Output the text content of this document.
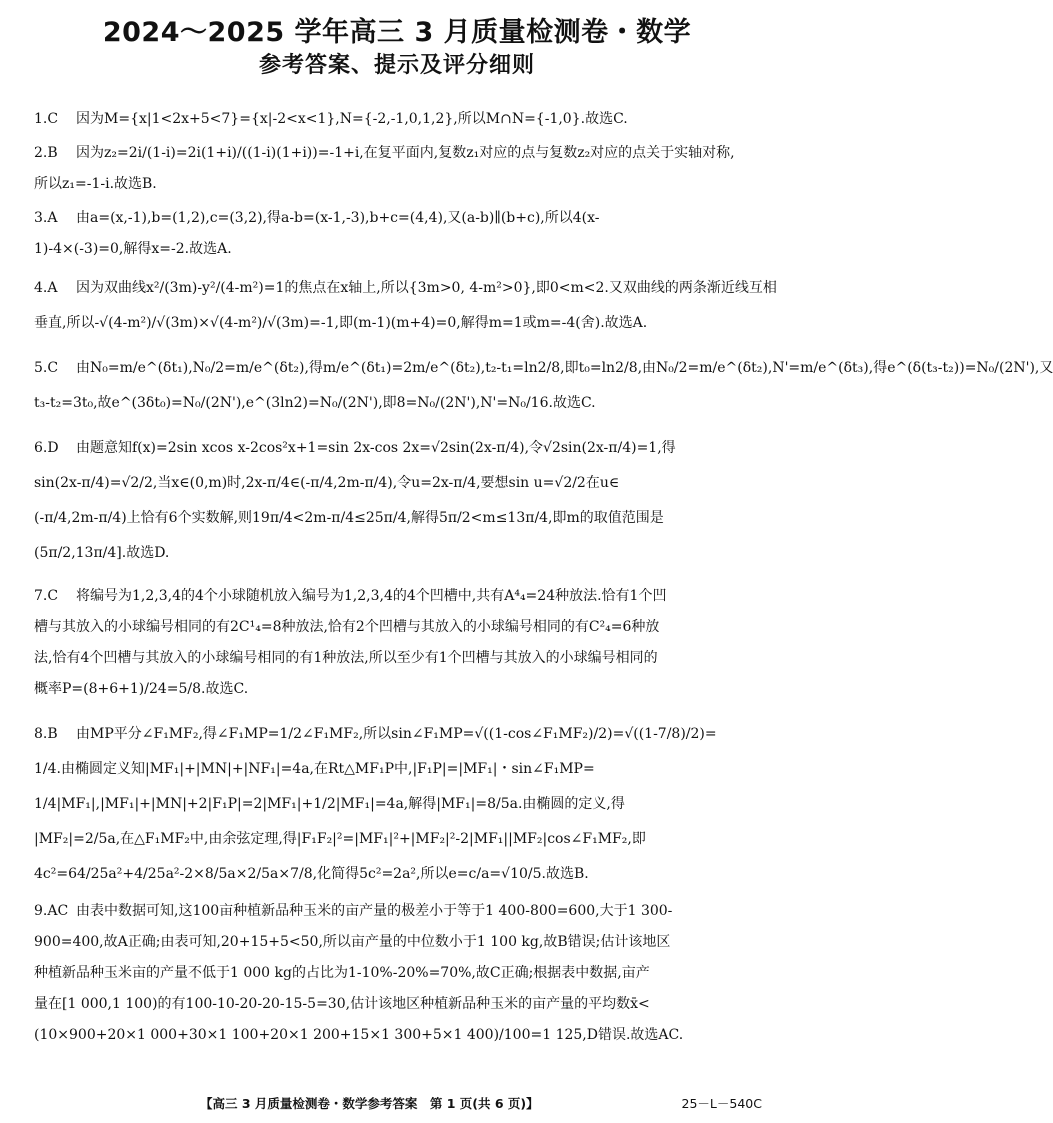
2024～2025 学年高三 3 月质量检测卷・数学
参考答案、提示及评分细则
1.C	因为M={x|1<2x+5<7}={x|-2<x<1},N={-2,-1,0,1,2},所以M∩N={-1,0}.故选C.
2.B	因为z₂=2i/(1-i)=2i(1+i)/((1-i)(1+i))=-1+i,在复平面内,复数z₁对应的点与复数z₂对应的点关于实轴对称,
所以z₁=-1-i.故选B.
3.A	由a=(x,-1),b=(1,2),c=(3,2),得a-b=(x-1,-3),b+c=(4,4),又(a-b)∥(b+c),所以4(x-
1)-4×(-3)=0,解得x=-2.故选A.
4.A	因为双曲线x²/(3m)-y²/(4-m²)=1的焦点在x轴上,所以{3m>0, 4-m²>0},即0<m<2.又双曲线的两条渐近线互相
垂直,所以-√(4-m²)/√(3m)×√(4-m²)/√(3m)=-1,即(m-1)(m+4)=0,解得m=1或m=-4(舍).故选A.
5.C	由N₀=m/e^(δt₁),N₀/2=m/e^(δt₂),得m/e^(δt₁)=2m/e^(δt₂),t₂-t₁=ln2/8,即t₀=ln2/8,由N₀/2=m/e^(δt₂),N'=m/e^(δt₃),得e^(δ(t₃-t₂))=N₀/(2N'),又
t₃-t₂=3t₀,故e^(3δt₀)=N₀/(2N'),e^(3ln2)=N₀/(2N'),即8=N₀/(2N'),N'=N₀/16.故选C.
6.D	由题意知f(x)=2sin xcos x-2cos²x+1=sin 2x-cos 2x=√2sin(2x-π/4),令√2sin(2x-π/4)=1,得
sin(2x-π/4)=√2/2,当x∈(0,m)时,2x-π/4∈(-π/4,2m-π/4),令u=2x-π/4,要想sin u=√2/2在u∈
(-π/4,2m-π/4)上恰有6个实数解,则19π/4<2m-π/4≤25π/4,解得5π/2<m≤13π/4,即m的取值范围是
(5π/2,13π/4].故选D.
7.C	将编号为1,2,3,4的4个小球随机放入编号为1,2,3,4的4个凹槽中,共有A⁴₄=24种放法.恰有1个凹
槽与其放入的小球编号相同的有2C¹₄=8种放法,恰有2个凹槽与其放入的小球编号相同的有C²₄=6种放
法,恰有4个凹槽与其放入的小球编号相同的有1种放法,所以至少有1个凹槽与其放入的小球编号相同的
概率P=(8+6+1)/24=5/8.故选C.
8.B	由MP平分∠F₁MF₂,得∠F₁MP=1/2∠F₁MF₂,所以sin∠F₁MP=√((1-cos∠F₁MF₂)/2)=√((1-7/8)/2)=
1/4.由椭圆定义知|MF₁|+|MN|+|NF₁|=4a,在Rt△MF₁P中,|F₁P|=|MF₁|・sin∠F₁MP=
1/4|MF₁|,|MF₁|+|MN|+2|F₁P|=2|MF₁|+1/2|MF₁|=4a,解得|MF₁|=8/5a.由椭圆的定义,得
|MF₂|=2/5a,在△F₁MF₂中,由余弦定理,得|F₁F₂|²=|MF₁|²+|MF₂|²-2|MF₁||MF₂|cos∠F₁MF₂,即
4c²=64/25a²+4/25a²-2×8/5a×2/5a×7/8,化简得5c²=2a²,所以e=c/a=√10/5.故选B.
9.AC 由表中数据可知,这100亩种植新品种玉米的亩产量的极差小于等于1 400-800=600,大于1 300-
900=400,故A正确;由表可知,20+15+5<50,所以亩产量的中位数小于1 100 kg,故B错误;估计该地区
种植新品种玉米亩的产量不低于1 000 kg的占比为1-10%-20%=70%,故C正确;根据表中数据,亩产
量在[1 000,1 100)的有100-10-20-20-15-5=30,估计该地区种植新品种玉米的亩产量的平均数x̄<
(10×900+20×1 000+30×1 100+20×1 200+15×1 300+5×1 400)/100=1 125,D错误.故选AC.
【高三 3 月质量检测卷・数学参考答案　第 1 页(共 6 页)】	25－L－540C
